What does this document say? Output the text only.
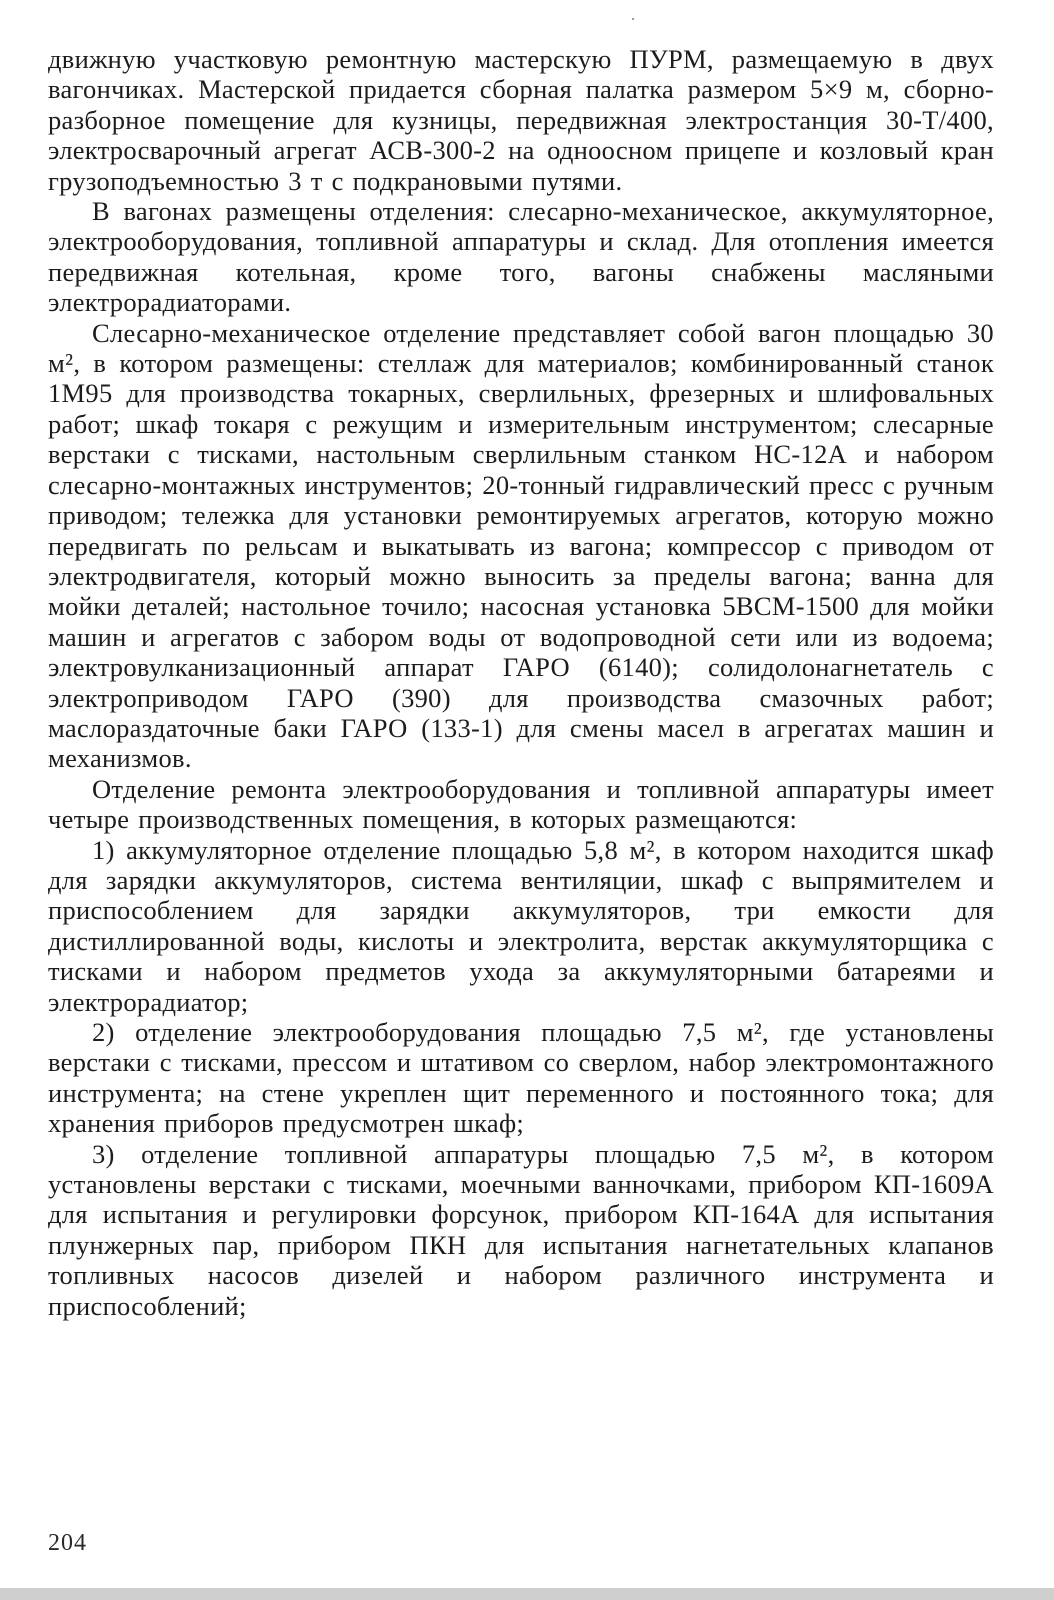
движную участковую ремонтную мастерскую ПУРМ, размещаемую в двух вагончиках. Мастерской придается сборная палатка размером 5×9 м, сборно-разборное помещение для кузницы, передвижная электростанция 30-Т/400, электросварочный агрегат АСВ-300-2 на одноосном прицепе и козловый кран грузоподъемностью 3 т с подкрановыми путями.

В вагонах размещены отделения: слесарно-механическое, аккумуляторное, электрооборудования, топливной аппаратуры и склад. Для отопления имеется передвижная котельная, кроме того, вагоны снабжены масляными электрорадиаторами.

Слесарно-механическое отделение представляет собой вагон площадью 30 м², в котором размещены: стеллаж для материалов; комбинированный станок 1М95 для производства токарных, сверлильных, фрезерных и шлифовальных работ; шкаф токаря с режущим и измерительным инструментом; слесарные верстаки с тисками, настольным сверлильным станком НС-12А и набором слесарно-монтажных инструментов; 20-тонный гидравлический пресс с ручным приводом; тележка для установки ремонтируемых агрегатов, которую можно передвигать по рельсам и выкатывать из вагона; компрессор с приводом от электродвигателя, который можно выносить за пределы вагона; ванна для мойки деталей; настольное точило; насосная установка 5ВСМ-1500 для мойки машин и агрегатов с забором воды от водопроводной сети или из водоема; электровулканизационный аппарат ГАРО (6140); солидолонагнетатель с электроприводом ГАРО (390) для производства смазочных работ; маслораздаточные баки ГАРО (133-1) для смены масел в агрегатах машин и механизмов.

Отделение ремонта электрооборудования и топливной аппаратуры имеет четыре производственных помещения, в которых размещаются:

1) аккумуляторное отделение площадью 5,8 м², в котором находится шкаф для зарядки аккумуляторов, система вентиляции, шкаф с выпрямителем и приспособлением для зарядки аккумуляторов, три емкости для дистиллированной воды, кислоты и электролита, верстак аккумуляторщика с тисками и набором предметов ухода за аккумуляторными батареями и электрорадиатор;

2) отделение электрооборудования площадью 7,5 м², где установлены верстаки с тисками, прессом и штативом со сверлом, набор электромонтажного инструмента; на стене укреплен щит переменного и постоянного тока; для хранения приборов предусмотрен шкаф;

3) отделение топливной аппаратуры площадью 7,5 м², в котором установлены верстаки с тисками, моечными ванночками, прибором КП-1609А для испытания и регулировки форсунок, прибором КП-164А для испытания плунжерных пар, прибором ПКН для испытания нагнетательных клапанов топливных насосов дизелей и набором различного инструмента и приспособлений;

204
